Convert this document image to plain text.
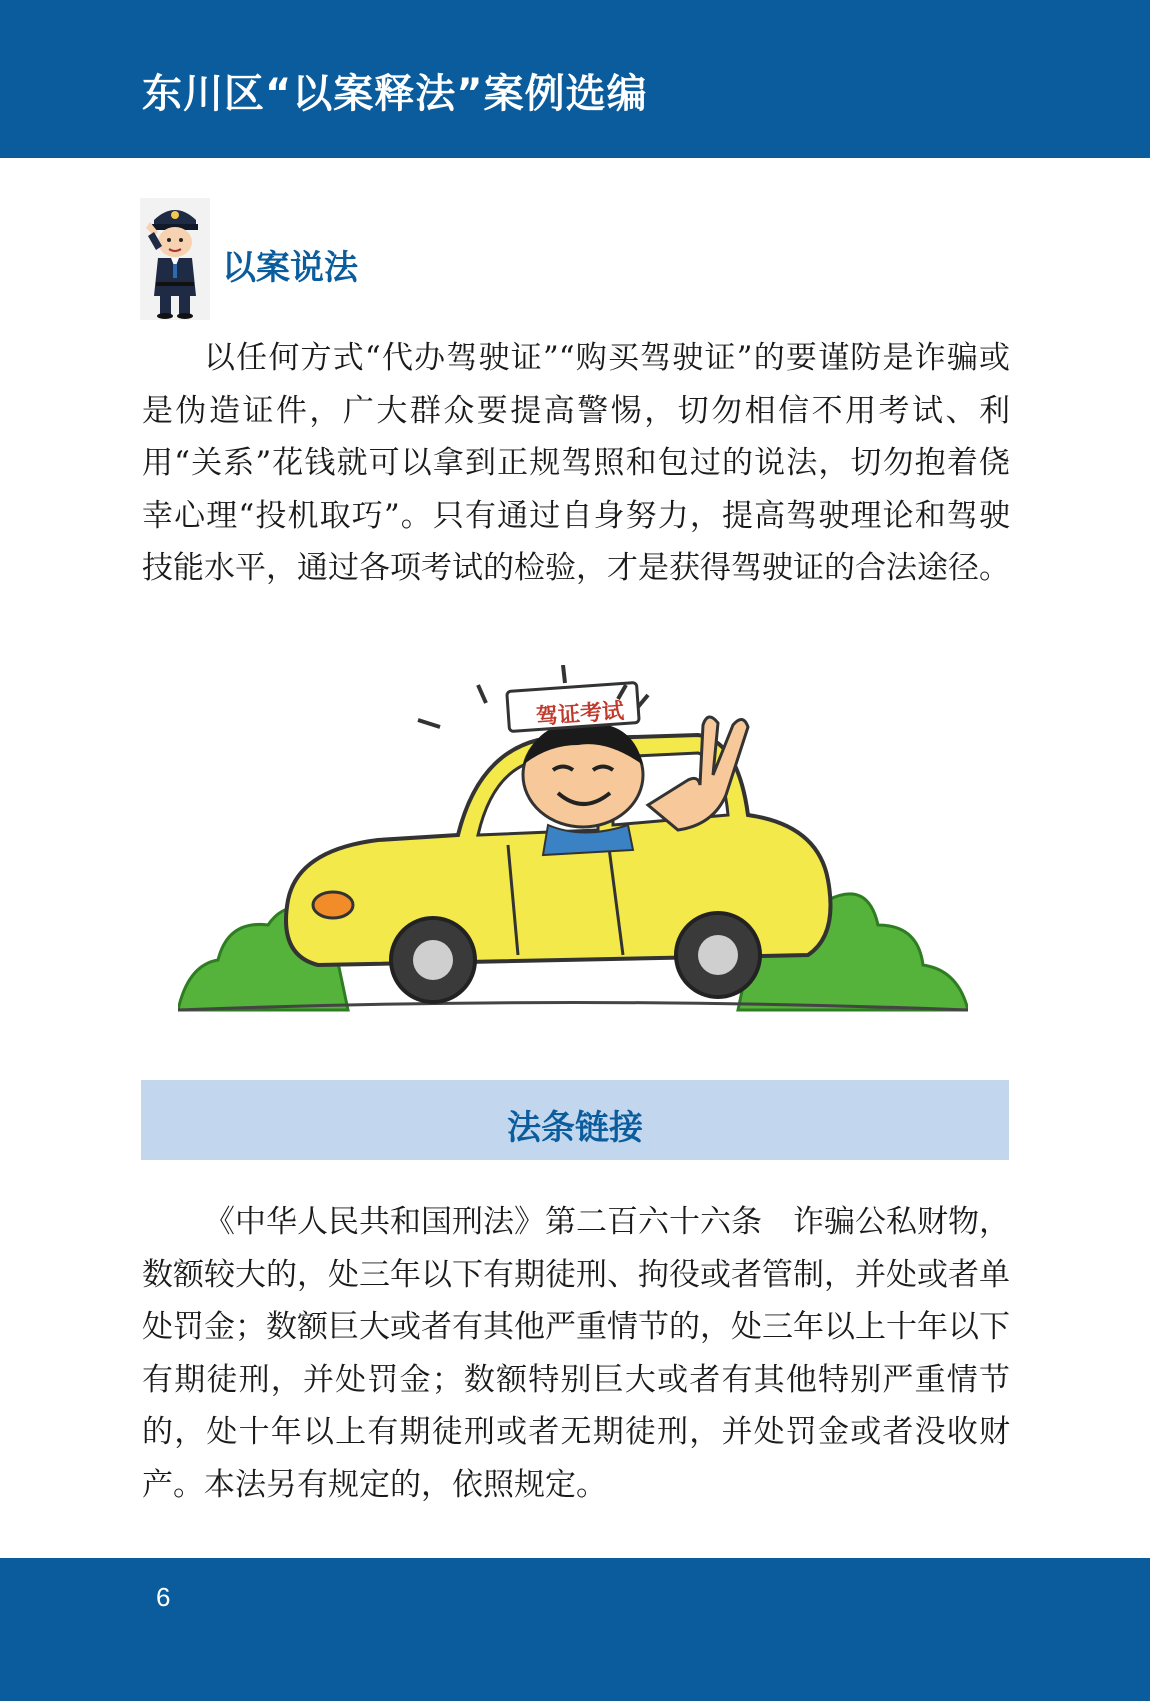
东川区“以案释法”案例选编
以案说法

以任何方式“代办驾驶证”“购买驾驶证”的要谨防是诈骗或是伪造证件，广大群众要提高警惕，切勿相信不用考试、利用“关系”花钱就可以拿到正规驾照和包过的说法，切勿抱着侥幸心理“投机取巧”。只有通过自身努力，提高驾驶理论和驾驶技能水平，通过各项考试的检验，才是获得驾驶证的合法途径。

驾证考试
法条链接

《中华人民共和国刑法》第二百六十六条　诈骗公私财物，数额较大的，处三年以下有期徒刑、拘役或者管制，并处或者单处罚金；数额巨大或者有其他严重情节的，处三年以上十年以下有期徒刑，并处罚金；数额特别巨大或者有其他特别严重情节的，处十年以上有期徒刑或者无期徒刑，并处罚金或者没收财产。本法另有规定的，依照规定。

6
